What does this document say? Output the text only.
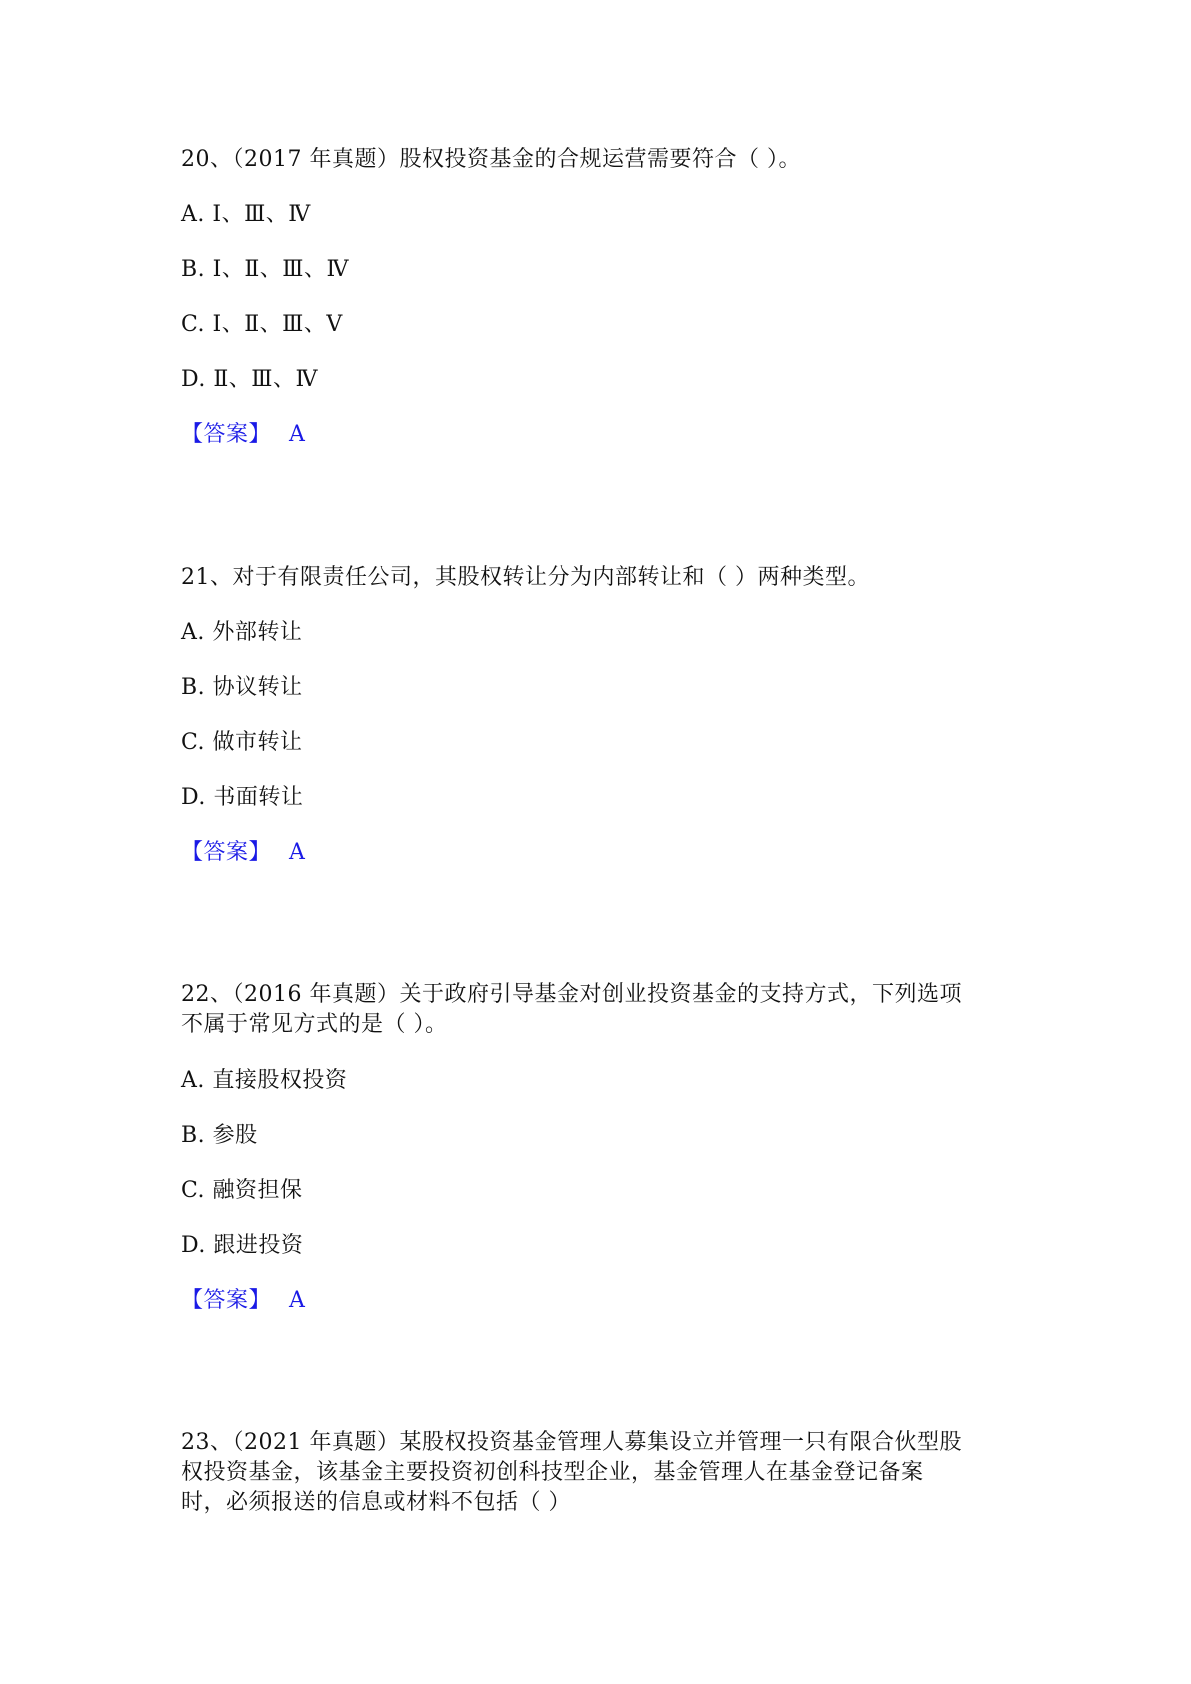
20、（2017 年真题）股权投资基金的合规运营需要符合（ ）。
A. Ⅰ、Ⅲ、Ⅳ
B. Ⅰ、Ⅱ、Ⅲ、Ⅳ
C. Ⅰ、Ⅱ、Ⅲ、Ⅴ
D. Ⅱ、Ⅲ、Ⅳ
【答案】 A
21、对于有限责任公司，其股权转让分为内部转让和（ ）两种类型。
A. 外部转让
B. 协议转让
C. 做市转让
D. 书面转让
【答案】 A
22、（2016 年真题）关于政府引导基金对创业投资基金的支持方式，下列选项
不属于常见方式的是（ ）。
A. 直接股权投资
B. 参股
C. 融资担保
D. 跟进投资
【答案】 A
23、（2021 年真题）某股权投资基金管理人募集设立并管理一只有限合伙型股
权投资基金，该基金主要投资初创科技型企业，基金管理人在基金登记备案
时，必须报送的信息或材料不包括（ ）
